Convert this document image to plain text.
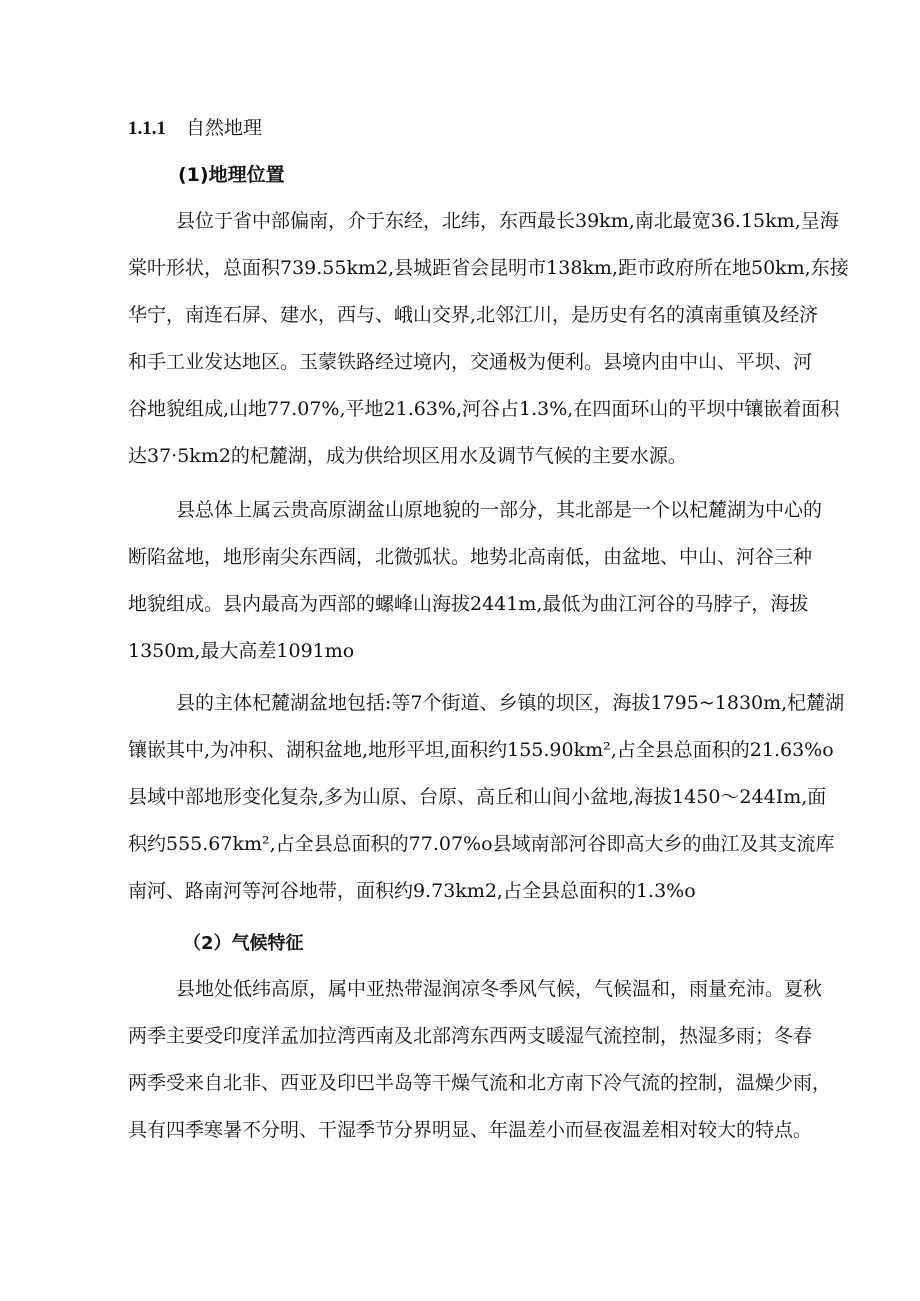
1.1.1 自然地理
(1)地理位置
县位于省中部偏南，介于东经，北纬，东西最长39km,南北最宽36.15km,呈海
棠叶形状，总面积739.55km2,县城距省会昆明市138km,距市政府所在地50km,东接
华宁，南连石屏、建水，西与、峨山交界,北邻江川，是历史有名的滇南重镇及经济
和手工业发达地区。玉蒙铁路经过境内，交通极为便利。县境内由中山、平坝、河
谷地貌组成,山地77.07%,平地21.63%,河谷占1.3%,在四面环山的平坝中镶嵌着面积
达37·5km2的杞麓湖，成为供给坝区用水及调节气候的主要水源。
县总体上属云贵高原湖盆山原地貌的一部分，其北部是一个以杞麓湖为中心的
断陷盆地，地形南尖东西阔，北微弧状。地势北高南低，由盆地、中山、河谷三种
地貌组成。县内最高为西部的螺峰山海拔2441m,最低为曲江河谷的马脖子，海拔
1350m,最大高差1091mo
县的主体杞麓湖盆地包括:等7个街道、乡镇的坝区，海拔1795~1830m,杞麓湖
镶嵌其中,为冲积、湖积盆地,地形平坦,面积约155.90km²,占全县总面积的21.63%o
县域中部地形变化复杂,多为山原、台原、高丘和山间小盆地,海拔1450～244Im,面
积约555.67km²,占全县总面积的77.07%o县域南部河谷即高大乡的曲江及其支流库
南河、路南河等河谷地带，面积约9.73km2,占全县总面积的1.3%o
（2）气候特征
县地处低纬高原，属中亚热带湿润凉冬季风气候，气候温和，雨量充沛。夏秋
两季主要受印度洋孟加拉湾西南及北部湾东西两支暖湿气流控制，热湿多雨；冬春
两季受来自北非、西亚及印巴半岛等干燥气流和北方南下冷气流的控制，温燥少雨，
具有四季寒暑不分明、干湿季节分界明显、年温差小而昼夜温差相对较大的特点。
